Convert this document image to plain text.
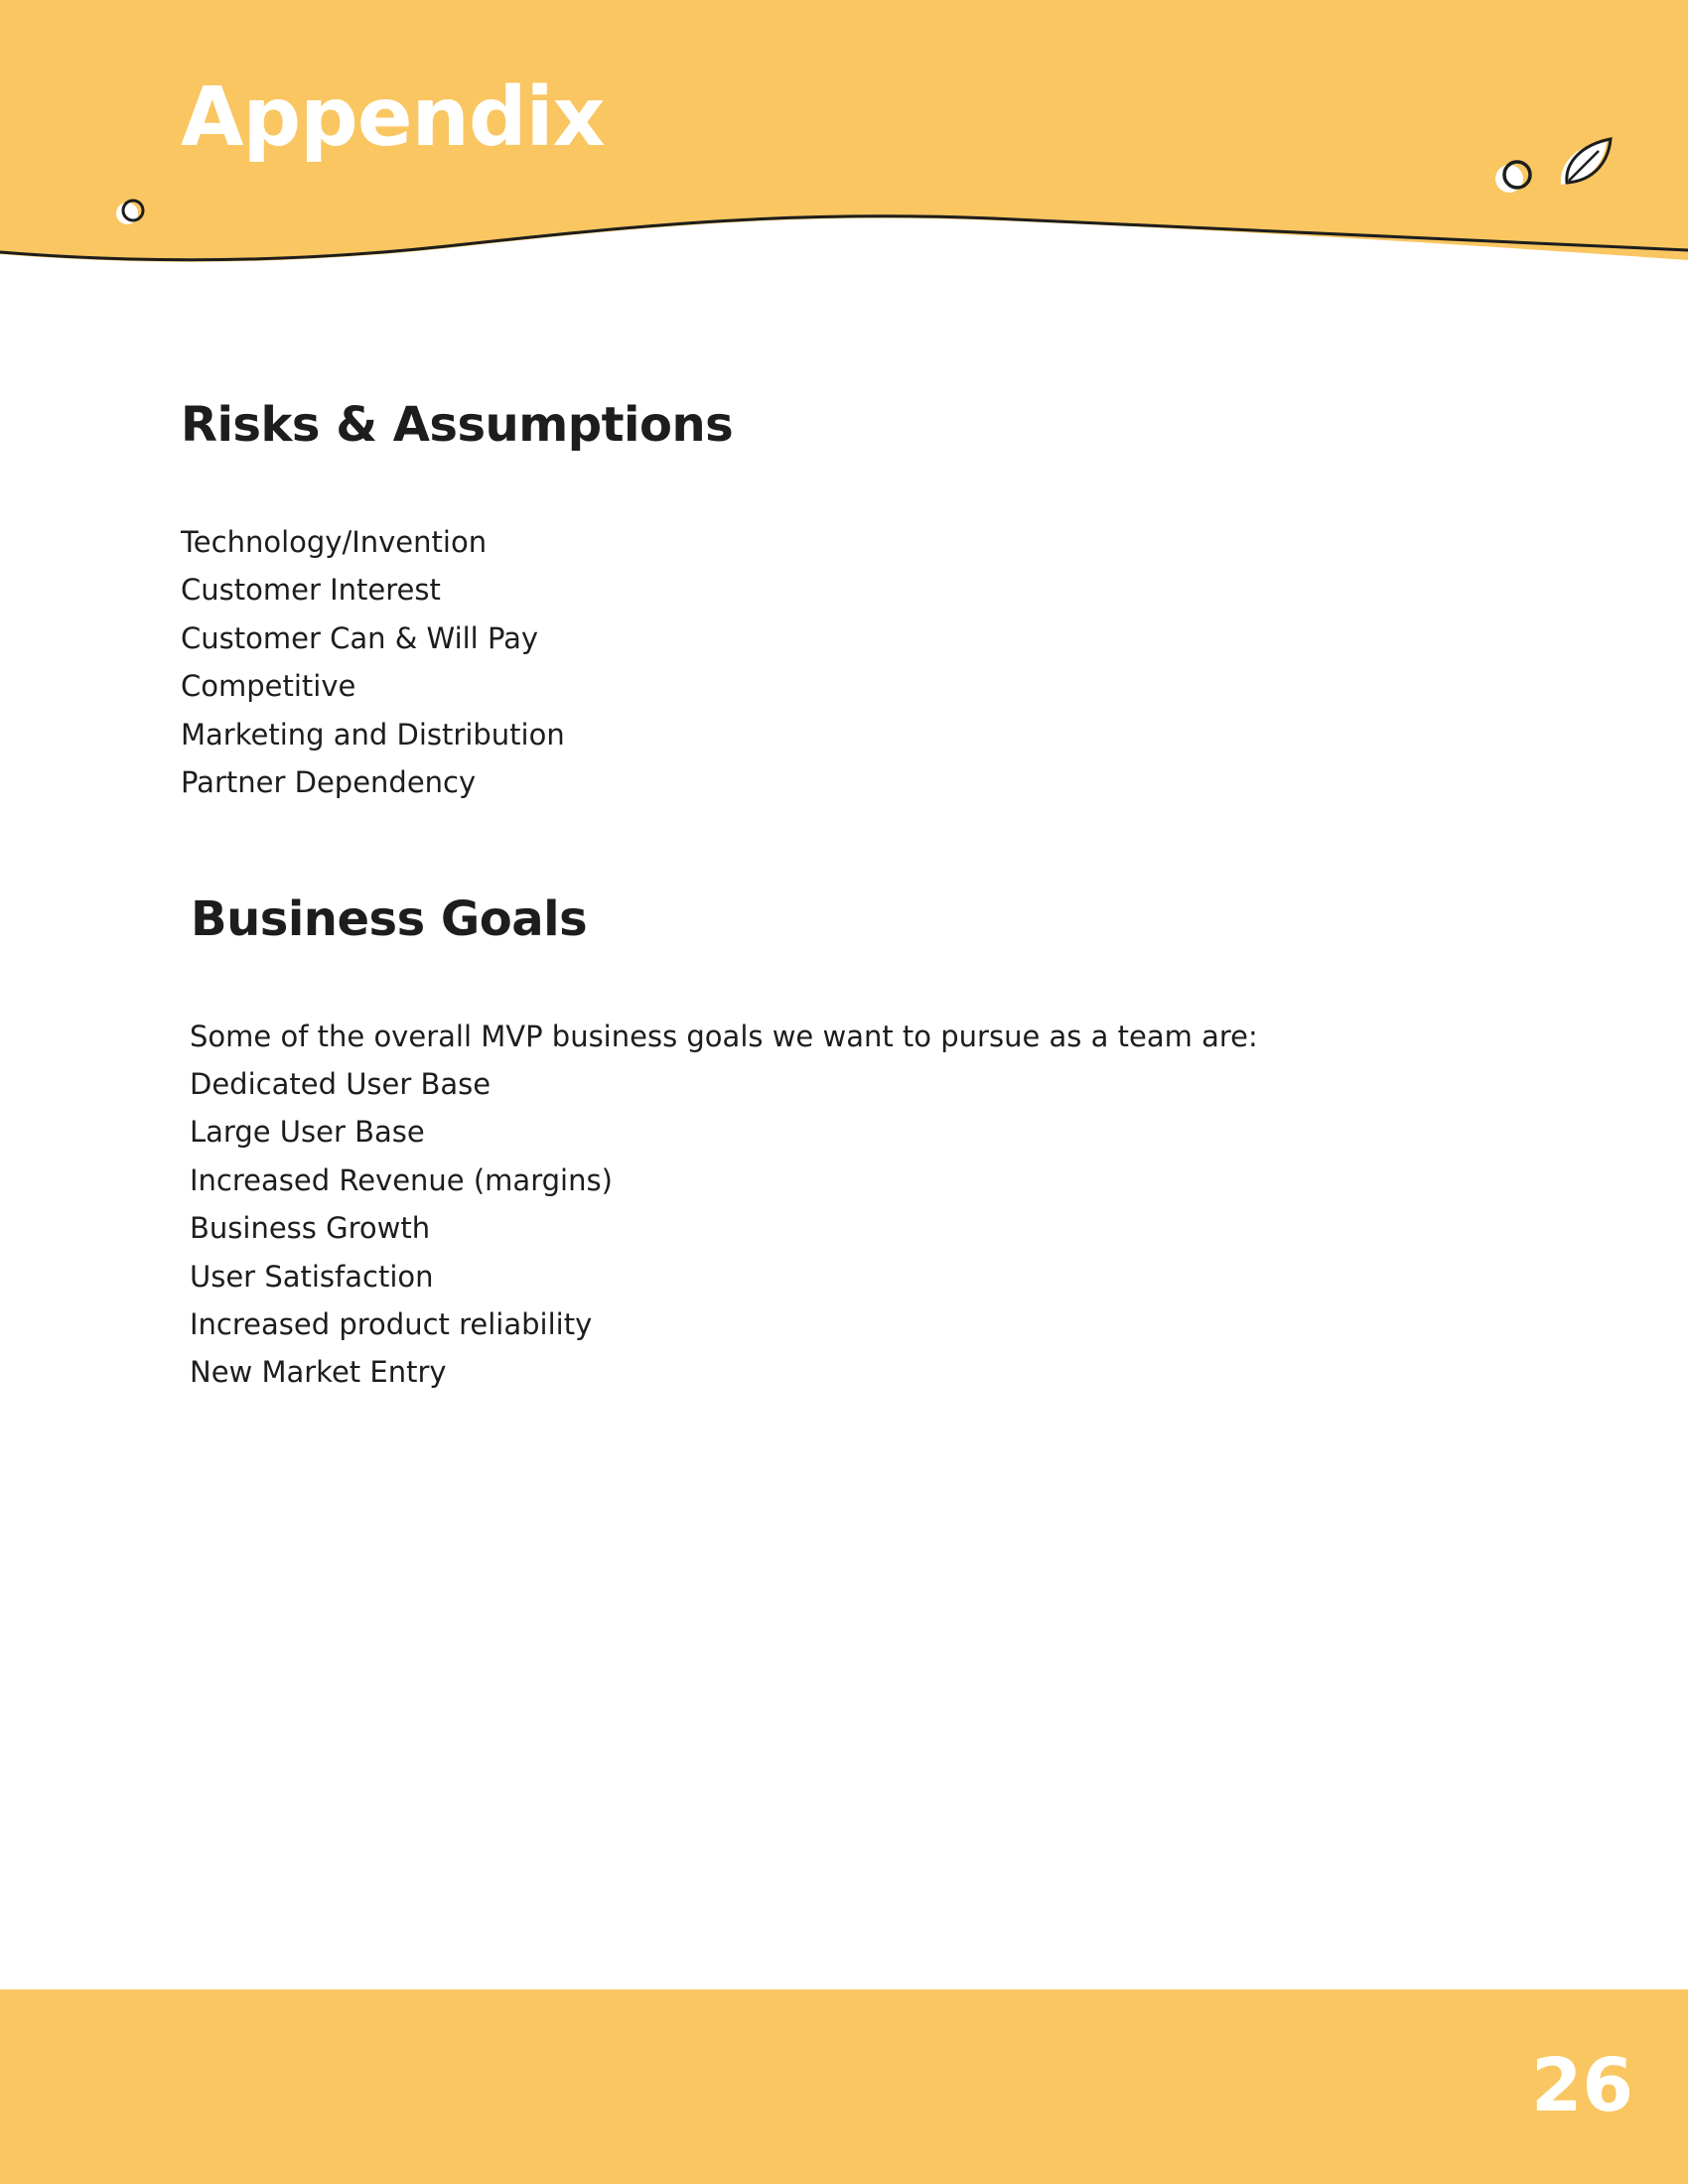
Appendix
Risks & Assumptions
Technology/Invention
Customer Interest
Customer Can & Will Pay
Competitive
Marketing and Distribution
Partner Dependency
Business Goals

Some of the overall MVP business goals we want to pursue as a team are:

Dedicated User Base
Large User Base
Increased Revenue (margins)
Business Growth
User Satisfaction
Increased product reliability
New Market Entry
26
